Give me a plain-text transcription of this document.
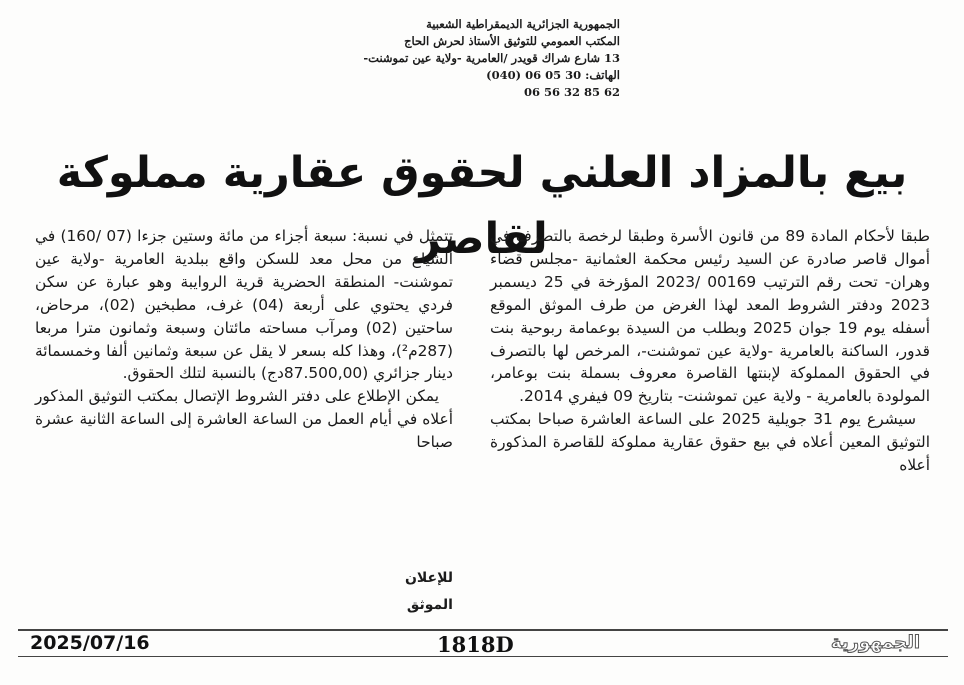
الجمهورية الجزائرية الديمقراطية الشعبية
المكتب العمومي للتوثيق الأستاذ لحرش الحاج
13 شارع شراك قويدر /العامرية -ولاية عين تموشنت-
الهاتف: 30 05 06 (040)
06 56 32 85 62
بيع بالمزاد العلني لحقوق عقارية مملوكة لقاصر

طبقا لأحكام المادة 89 من قانون الأسرة وطبقا لرخصة بالتصرف في أموال قاصر صادرة عن السيد رئيس محكمة العثمانية -مجلس قضاء وهران- تحت رقم الترتيب 00169 /2023 المؤرخة في 25 ديسمبر 2023 ودفتر الشروط المعد لهذا الغرض من طرف الموثق الموقع أسفله يوم 19 جوان 2025 وبطلب من السيدة بوعمامة ربوحية بنت قدور، الساكنة بالعامرية -ولاية عين تموشنت-، المرخص لها بالتصرف في الحقوق المملوكة لإبنتها القاصرة معروف بسملة بنت بوعامر، المولودة بالعامرية - ولاية عين تموشنت- بتاريخ 09 فيفري 2014.

سيشرع يوم 31 جويلية 2025 على الساعة العاشرة صباحا بمكتب التوثيق المعين أعلاه في بيع حقوق عقارية مملوكة للقاصرة المذكورة أعلاه

تتمثل في نسبة: سبعة أجزاء من مائة وستين جزءا (07 /160) في الشياع من محل معد للسكن واقع ببلدية العامرية -ولاية عين تموشنت- المنطقة الحضرية قرية الروايبة وهو عبارة عن سكن فردي يحتوي على أربعة (04) غرف، مطبخين (02)، مرحاض، ساحتين (02) ومرآب مساحته مائتان وسبعة وثمانون مترا مربعا (287م²)، وهذا كله بسعر لا يقل عن سبعة وثمانين ألفا وخمسمائة دينار جزائري (87.500,00دج) بالنسبة لتلك الحقوق.

يمكن الإطلاع على دفتر الشروط الإتصال بمكتب التوثيق المذكور أعلاه في أيام العمل من الساعة العاشرة إلى الساعة الثانية عشرة صباحا

للإعلان
الموثق
2025/07/16	1818D	الجمهورية
